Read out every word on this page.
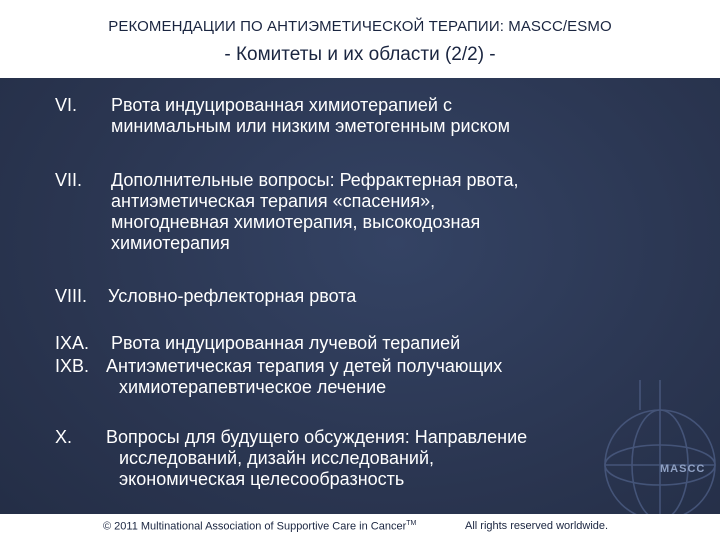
РЕКОМЕНДАЦИИ ПО АНТИЭМЕТИЧЕСКОЙ ТЕРАПИИ: MASCC/ESMO
- Комитеты и их области (2/2) -
MASCC
VI. Рвота индуцированная химиотерапией с
минимальным или низким эметогенным риском
VII. Дополнительные вопросы: Рефрактерная рвота,
антиэметическая терапия «спасения»,
многодневная химиотерапия, высокодозная
химиотерапия
VIII. Условно-рефлекторная рвота
IXA. Рвота индуцированная лучевой терапией
IXB. Антиэметическая терапия у детей получающих
химиотерапевтическое лечение
X. Вопросы для будущего обсуждения: Направление
исследований, дизайн исследований,
экономическая целесообразность
© 2011 Multinational Association of Supportive Care in Cancer™	All rights reserved worldwide.
